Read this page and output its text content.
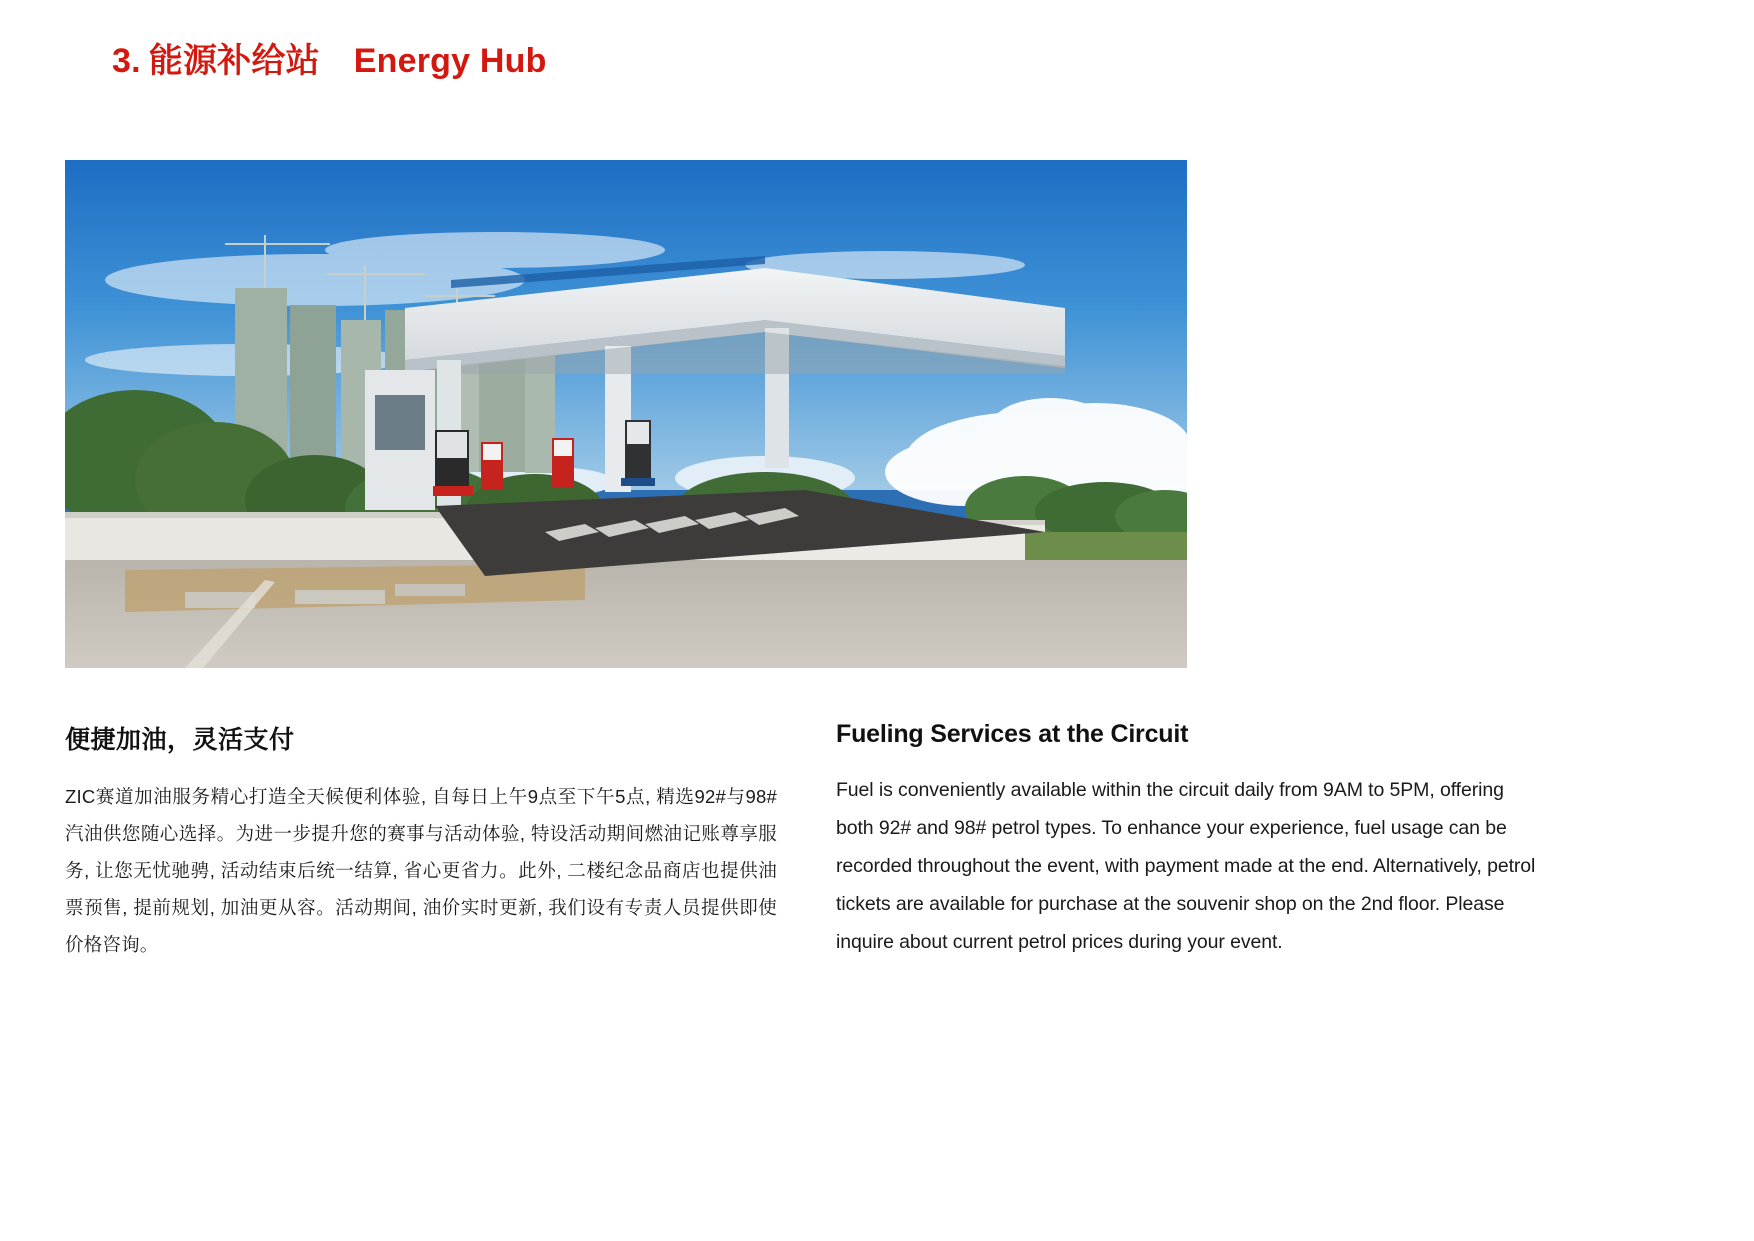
3. 能源补给站 Energy Hub
便捷加油，灵活支付

ZIC赛道加油服务精心打造全天候便利体验, 自每日上午9点至下午5点, 精选92#与98#汽油供您随心选择。为进一步提升您的赛事与活动体验, 特设活动期间燃油记账尊享服务, 让您无忧驰骋, 活动结束后统一结算, 省心更省力。此外, 二楼纪念品商店也提供油票预售, 提前规划, 加油更从容。活动期间, 油价实时更新, 我们设有专责人员提供即使价格咨询。

Fueling Services at the Circuit

Fuel is conveniently available within the circuit daily from 9AM to 5PM, offering both 92# and 98# petrol types. To enhance your experience, fuel usage can be recorded throughout the event, with payment made at the end. Alternatively, petrol tickets are available for purchase at the souvenir shop on the 2nd floor. Please inquire about current petrol prices during your event.
